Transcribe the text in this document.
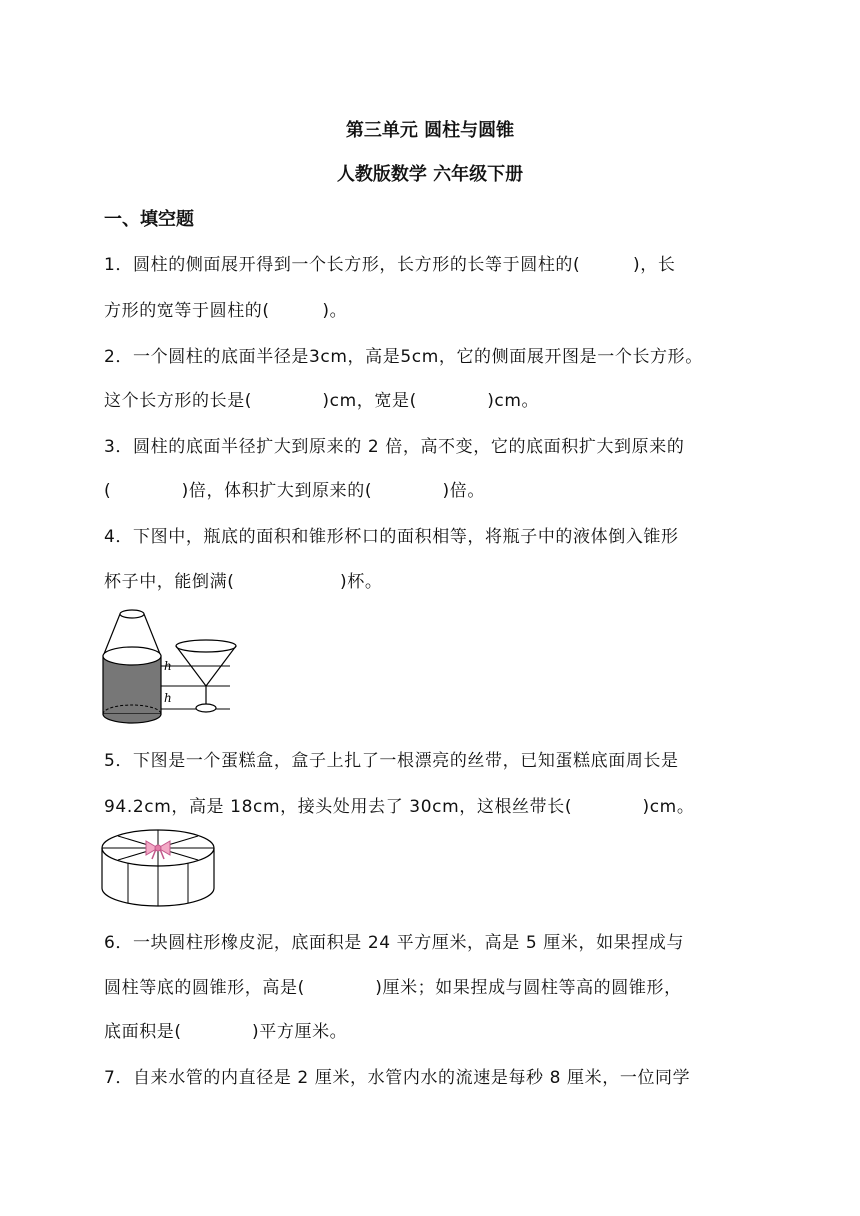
第三单元 圆柱与圆锥
人教版数学 六年级下册
一、填空题
1．圆柱的侧面展开得到一个长方形，长方形的长等于圆柱的(　　　)，长
方形的宽等于圆柱的(　　　)。
2．一个圆柱的底面半径是3cm，高是5cm，它的侧面展开图是一个长方形。
这个长方形的长是(　　　　)cm，宽是(　　　　)cm。
3．圆柱的底面半径扩大到原来的 2 倍，高不变，它的底面积扩大到原来的
(　　　　)倍，体积扩大到原来的(　　　　)倍。
4．下图中，瓶底的面积和锥形杯口的面积相等，将瓶子中的液体倒入锥形
杯子中，能倒满(　　　　　　)杯。
h
h
5．下图是一个蛋糕盒，盒子上扎了一根漂亮的丝带，已知蛋糕底面周长是
94.2cm，高是 18cm，接头处用去了 30cm，这根丝带长(　　　　)cm。
6．一块圆柱形橡皮泥，底面积是 24 平方厘米，高是 5 厘米，如果捏成与
圆柱等底的圆锥形，高是(　　　　)厘米；如果捏成与圆柱等高的圆锥形，
底面积是(　　　　)平方厘米。
7．自来水管的内直径是 2 厘米，水管内水的流速是每秒 8 厘米，一位同学
